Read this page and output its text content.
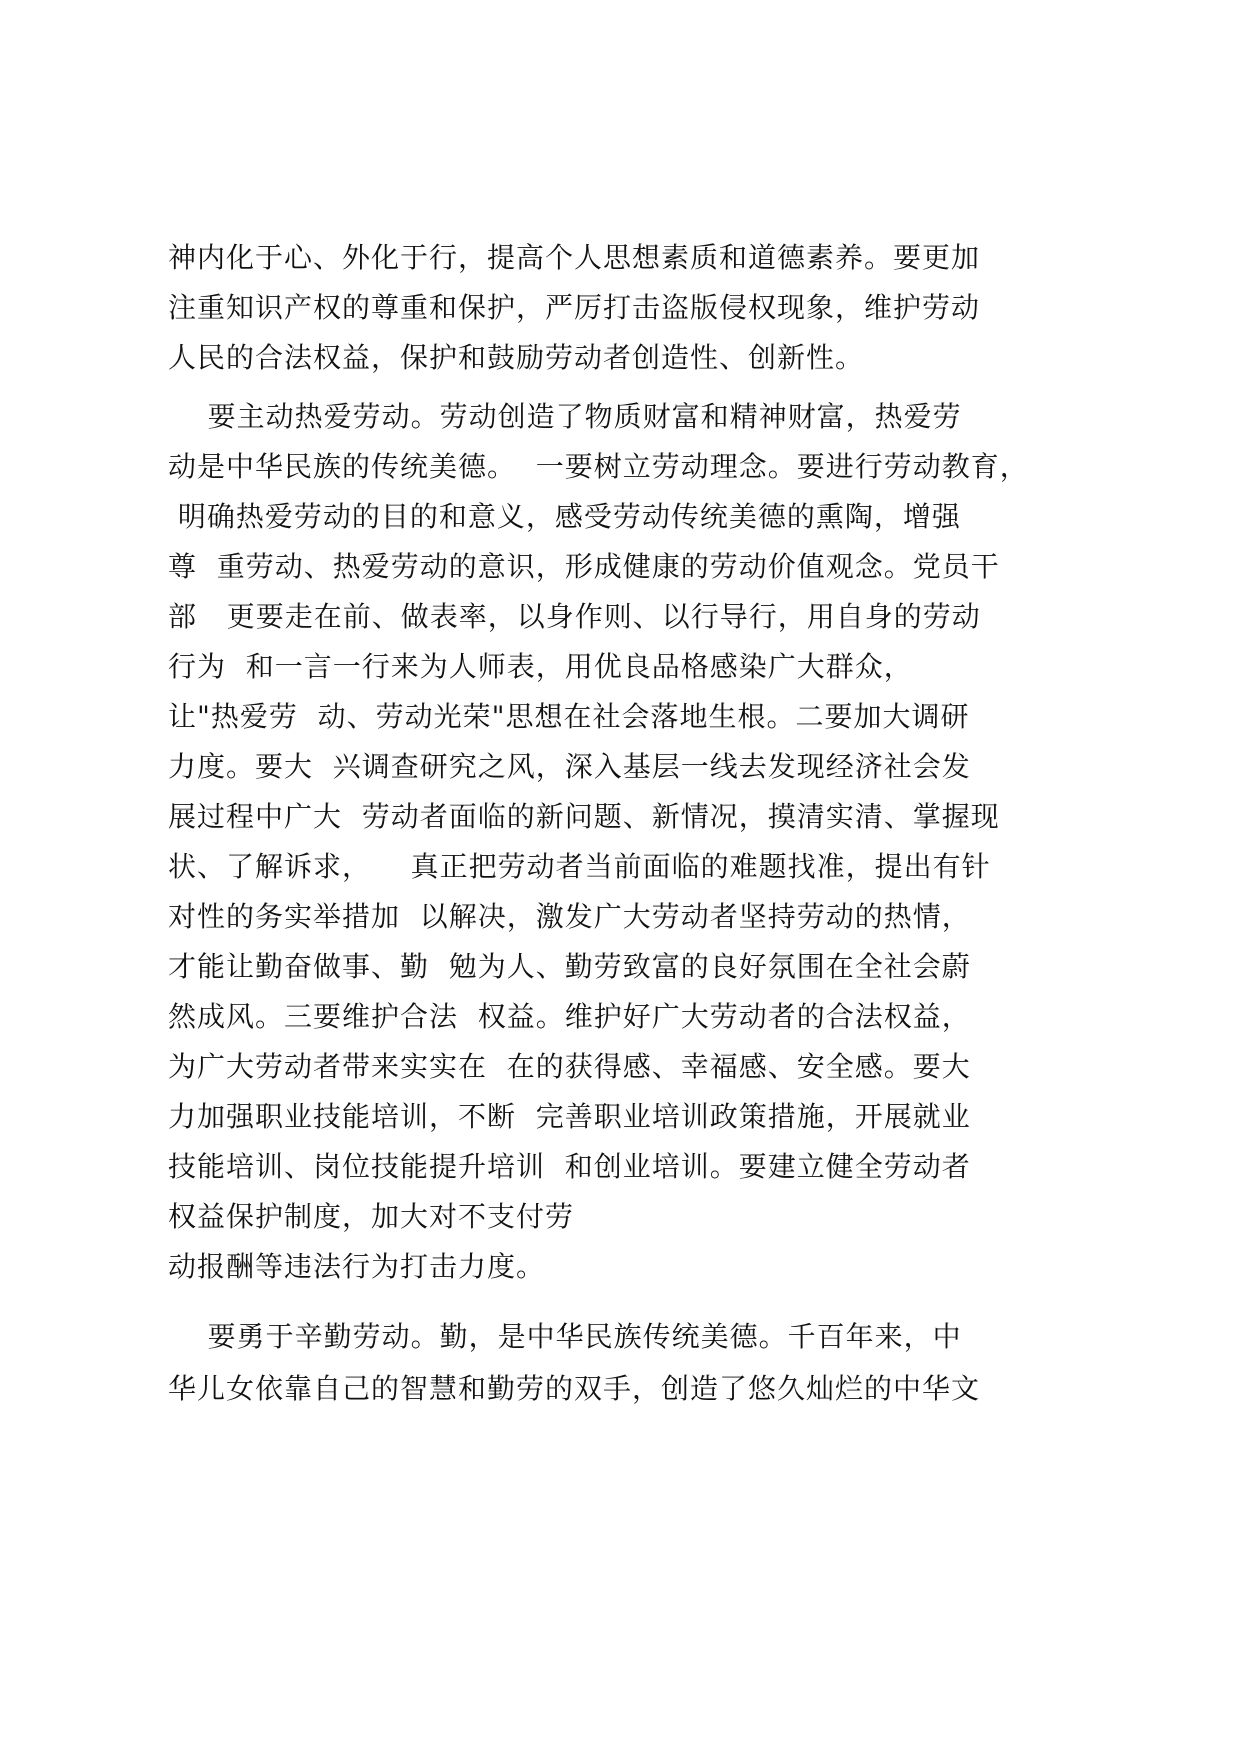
神内化于心、外化于行，提高个人思想素质和道德素养。要更加
注重知识产权的尊重和保护，严厉打击盗版侵权现象，维护劳动
人民的合法权益，保护和鼓励劳动者创造性、创新性。
要主动热爱劳动。劳动创造了物质财富和精神财富，热爱劳
动是中华民族的传统美德。  一要树立劳动理念。要进行劳动教育，
明确热爱劳动的目的和意义，感受劳动传统美德的熏陶，增强
尊  重劳动、热爱劳动的意识，形成健康的劳动价值观念。党员干
部   更要走在前、做表率，以身作则、以行导行，用自身的劳动
行为  和一言一行来为人师表，用优良品格感染广大群众，
让"热爱劳  动、劳动光荣"思想在社会落地生根。二要加大调研
力度。要大  兴调查研究之风，深入基层一线去发现经济社会发
展过程中广大  劳动者面临的新问题、新情况，摸清实清、掌握现
状、了解诉求，    真正把劳动者当前面临的难题找准，提出有针
对性的务实举措加  以解决，激发广大劳动者坚持劳动的热情，
才能让勤奋做事、勤  勉为人、勤劳致富的良好氛围在全社会蔚
然成风。三要维护合法  权益。维护好广大劳动者的合法权益，
为广大劳动者带来实实在  在的获得感、幸福感、安全感。要大
力加强职业技能培训，不断  完善职业培训政策措施，开展就业
技能培训、岗位技能提升培训  和创业培训。要建立健全劳动者
权益保护制度，加大对不支付劳
动报酬等违法行为打击力度。
要勇于辛勤劳动。勤，是中华民族传统美德。千百年来，中
华儿女依靠自己的智慧和勤劳的双手，创造了悠久灿烂的中华文
